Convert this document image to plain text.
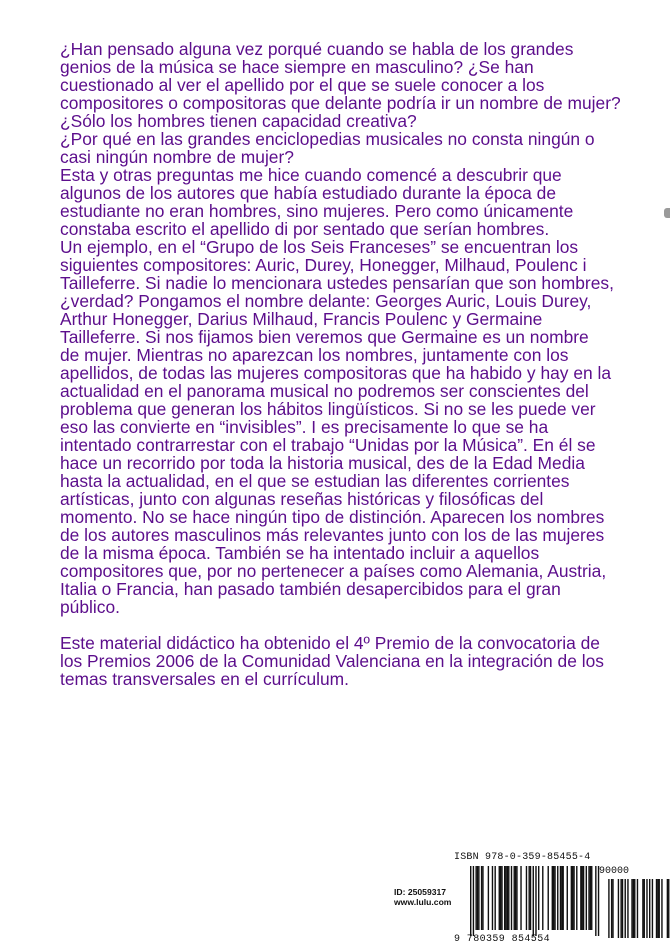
¿Han pensado alguna vez porqué cuando se habla de los grandes
genios de la música se hace siempre en masculino? ¿Se han
cuestionado al ver el apellido por el que se suele conocer a los
compositores o compositoras que delante podría ir un nombre de mujer?
¿Sólo los hombres tienen capacidad creativa?
¿Por qué en las grandes enciclopedias musicales no consta ningún o
casi ningún nombre de mujer?
Esta y otras preguntas me hice cuando comencé a descubrir que
algunos de los autores que había estudiado durante la época de
estudiante no eran hombres, sino mujeres. Pero como únicamente
constaba escrito el apellido di por sentado que serían hombres.
Un ejemplo, en el “Grupo de los Seis Franceses” se encuentran los
siguientes compositores: Auric, Durey, Honegger, Milhaud, Poulenc i
Tailleferre. Si nadie lo mencionara ustedes pensarían que son hombres,
¿verdad? Pongamos el nombre delante: Georges Auric, Louis Durey,
Arthur Honegger, Darius Milhaud, Francis Poulenc y Germaine
Tailleferre. Si nos fijamos bien veremos que Germaine es un nombre
de mujer. Mientras no aparezcan los nombres, juntamente con los
apellidos, de todas las mujeres compositoras que ha habido y hay en la
actualidad en el panorama musical no podremos ser conscientes del
problema que generan los hábitos lingüísticos. Si no se les puede ver
eso las convierte en “invisibles”. I es precisamente lo que se ha
intentado contrarrestar con el trabajo “Unidas por la Música”. En él se
hace un recorrido por toda la historia musical, des de la Edad Media
hasta la actualidad, en el que se estudian las diferentes corrientes
artísticas, junto con algunas reseñas históricas y filosóficas del
momento. No se hace ningún tipo de distinción. Aparecen los nombres
de los autores masculinos más relevantes junto con los de las mujeres
de la misma época. También se ha intentado incluir a aquellos
compositores que, por no pertenecer a países como Alemania, Austria,
Italia o Francia, han pasado también desapercibidos para el gran
público.

Este material didáctico ha obtenido el 4º Premio de la convocatoria de
los Premios 2006 de la Comunidad Valenciana en la integración de los
temas transversales en el currículum.

ID: 25059317
www.lulu.com
ISBN 978-0-359-85455-4
90000
9 780359 854554
